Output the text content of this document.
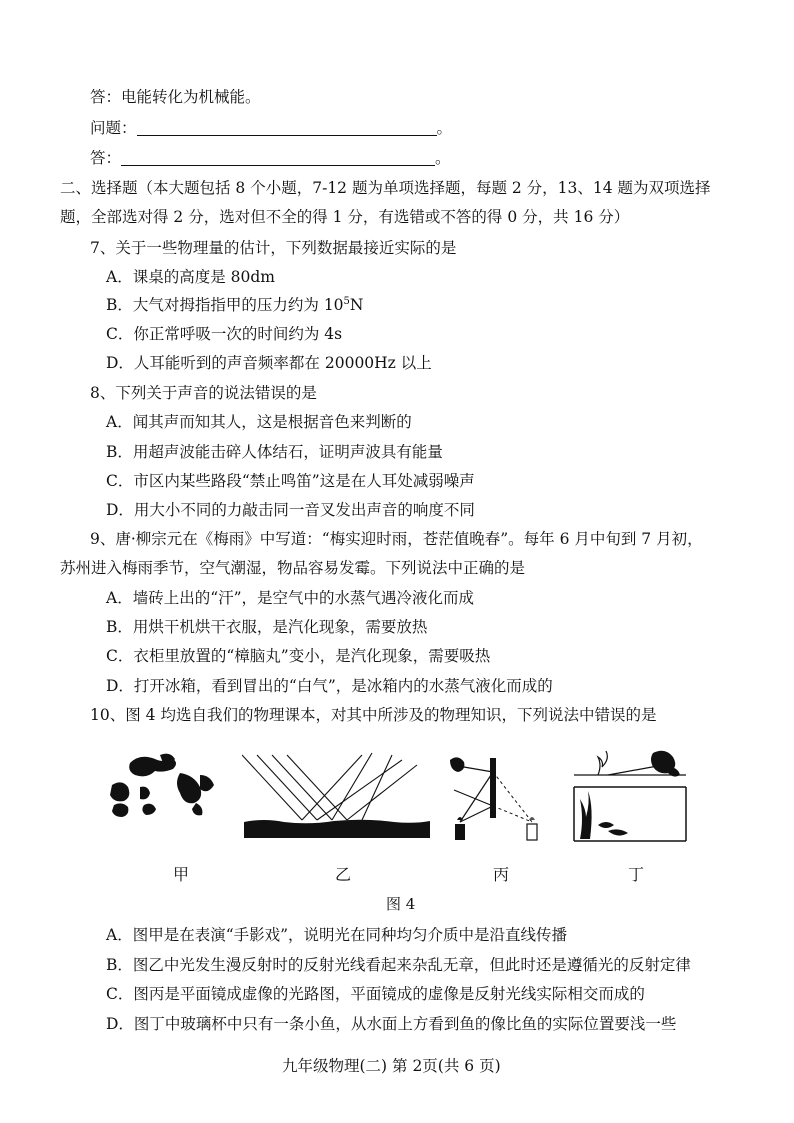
答：电能转化为机械能。
问题：	。
答：	。
二、选择题（本大题包括 8 个小题，7-12 题为单项选择题，每题 2 分，13、14 题为双项选择
题，全部选对得 2 分，选对但不全的得 1 分，有选错或不答的得 0 分，共 16 分）
7、关于一些物理量的估计，下列数据最接近实际的是
A．课桌的高度是 80dm
B．大气对拇指指甲的压力约为 $10^5N$
C．你正常呼吸一次的时间约为 4s
D．人耳能听到的声音频率都在 20000Hz 以上
8、下列关于声音的说法错误的是
A．闻其声而知其人，这是根据音色来判断的
B．用超声波能击碎人体结石，证明声波具有能量
C．市区内某些路段“禁止鸣笛”这是在人耳处减弱噪声
D．用大小不同的力敲击同一音叉发出声音的响度不同
9、唐·柳宗元在《梅雨》中写道：“梅实迎时雨，苍茫值晚春”。每年 6 月中旬到 7 月初，
苏州进入梅雨季节，空气潮湿，物品容易发霉。下列说法中正确的是
A．墙砖上出的“汗”，是空气中的水蒸气遇冷液化而成
B．用烘干机烘干衣服，是汽化现象，需要放热
C．衣柜里放置的“樟脑丸”变小，是汽化现象，需要吸热
D．打开冰箱，看到冒出的“白气”，是冰箱内的水蒸气液化而成的
10、图 4 均选自我们的物理课本，对其中所涉及的物理知识，下列说法中错误的是
甲	乙	丙	丁
图 4
A．图甲是在表演“手影戏”，说明光在同种均匀介质中是沿直线传播
B．图乙中光发生漫反射时的反射光线看起来杂乱无章，但此时还是遵循光的反射定律
C．图丙是平面镜成虚像的光路图，平面镜成的虚像是反射光线实际相交而成的
D．图丁中玻璃杯中只有一条小鱼，从水面上方看到鱼的像比鱼的实际位置要浅一些
九年级物理(二) 第 2页(共 6 页)
